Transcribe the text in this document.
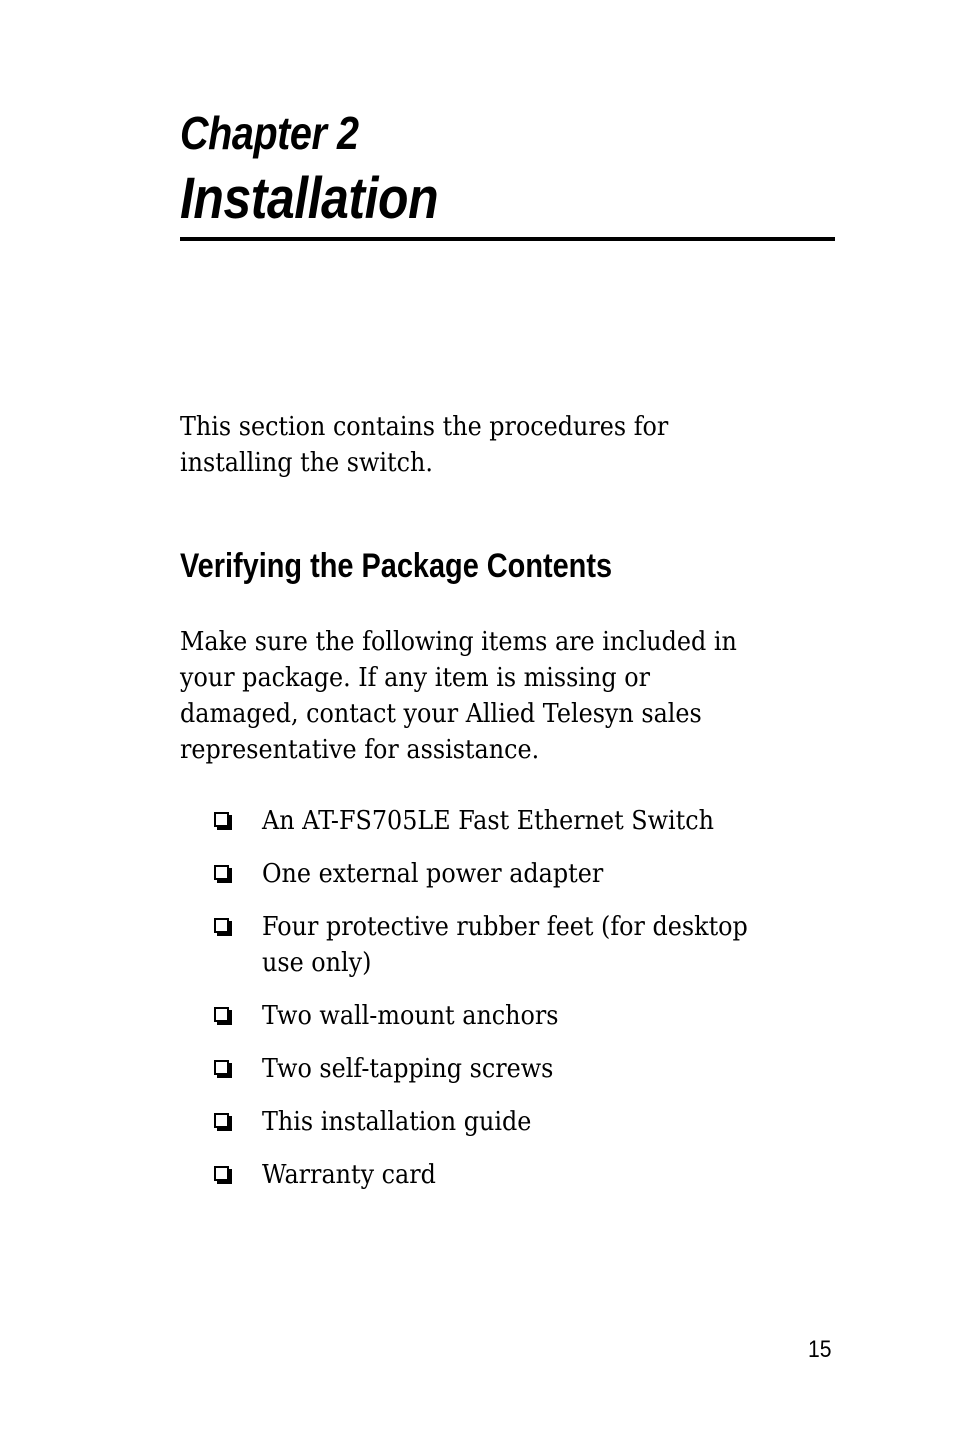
Chapter 2
Installation

This section contains the procedures for
installing the switch.

Verifying the Package Contents

Make sure the following items are included in
your package. If any item is missing or
damaged, contact your Allied Telesyn sales
representative for assistance.

An AT-FS705LE Fast Ethernet Switch
One external power adapter
Four protective rubber feet (for desktop
use only)
Two wall-mount anchors
Two self-tapping screws
This installation guide
Warranty card

15
